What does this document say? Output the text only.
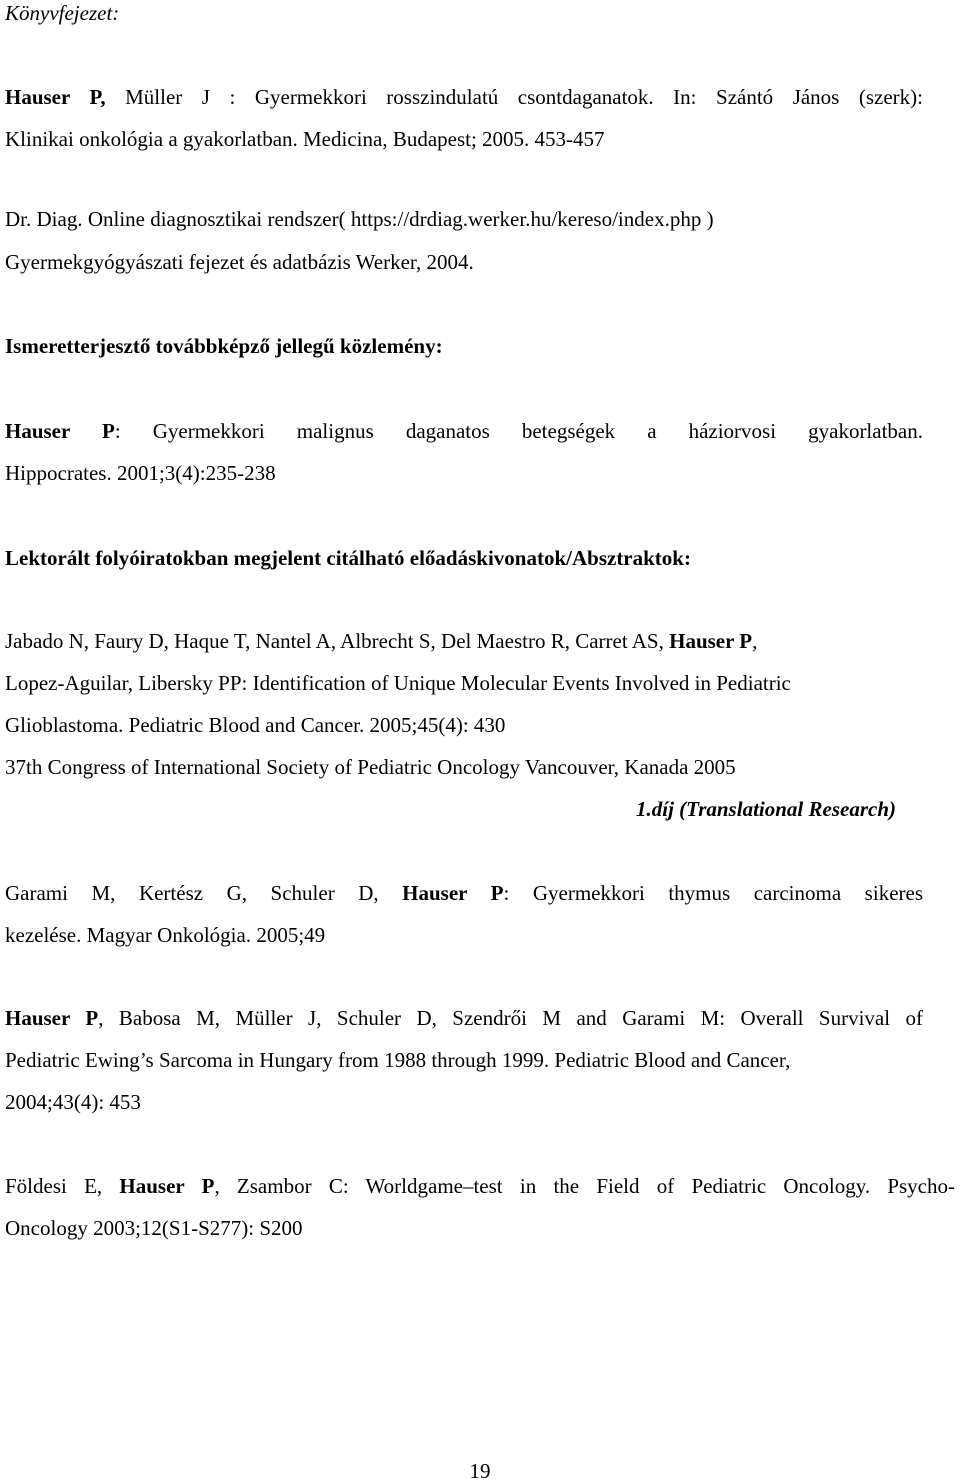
Könyvfejezet:
Hauser P, Müller J : Gyermekkori rosszindulatú csontdaganatok. In: Szántó János (szerk):
Klinikai onkológia a gyakorlatban. Medicina, Budapest; 2005. 453-457
Dr. Diag. Online diagnosztikai rendszer( https://drdiag.werker.hu/kereso/index.php )
Gyermekgyógyászati fejezet és adatbázis Werker, 2004.
Ismeretterjesztő továbbképző jellegű közlemény:
Hauser P: Gyermekkori malignus daganatos betegségek a háziorvosi gyakorlatban.
Hippocrates. 2001;3(4):235-238
Lektorált folyóiratokban megjelent citálható előadáskivonatok/Absztraktok:
Jabado N, Faury D, Haque T, Nantel A, Albrecht S, Del Maestro R, Carret AS, Hauser P,
Lopez-Aguilar, Libersky PP: Identification of Unique Molecular Events Involved in Pediatric
Glioblastoma. Pediatric Blood and Cancer. 2005;45(4): 430
37th Congress of International Society of Pediatric Oncology Vancouver, Kanada 2005
1.díj (Translational Research)
Garami M, Kertész G, Schuler D, Hauser P: Gyermekkori thymus carcinoma sikeres
kezelése. Magyar Onkológia. 2005;49
Hauser P, Babosa M, Müller J, Schuler D, Szendrői M and Garami M: Overall Survival of
Pediatric Ewing’s Sarcoma in Hungary from 1988 through 1999. Pediatric Blood and Cancer,
2004;43(4): 453
Földesi E, Hauser P, Zsambor C: Worldgame–test in the Field of Pediatric Oncology. Psycho-
Oncology 2003;12(S1-S277): S200
19
